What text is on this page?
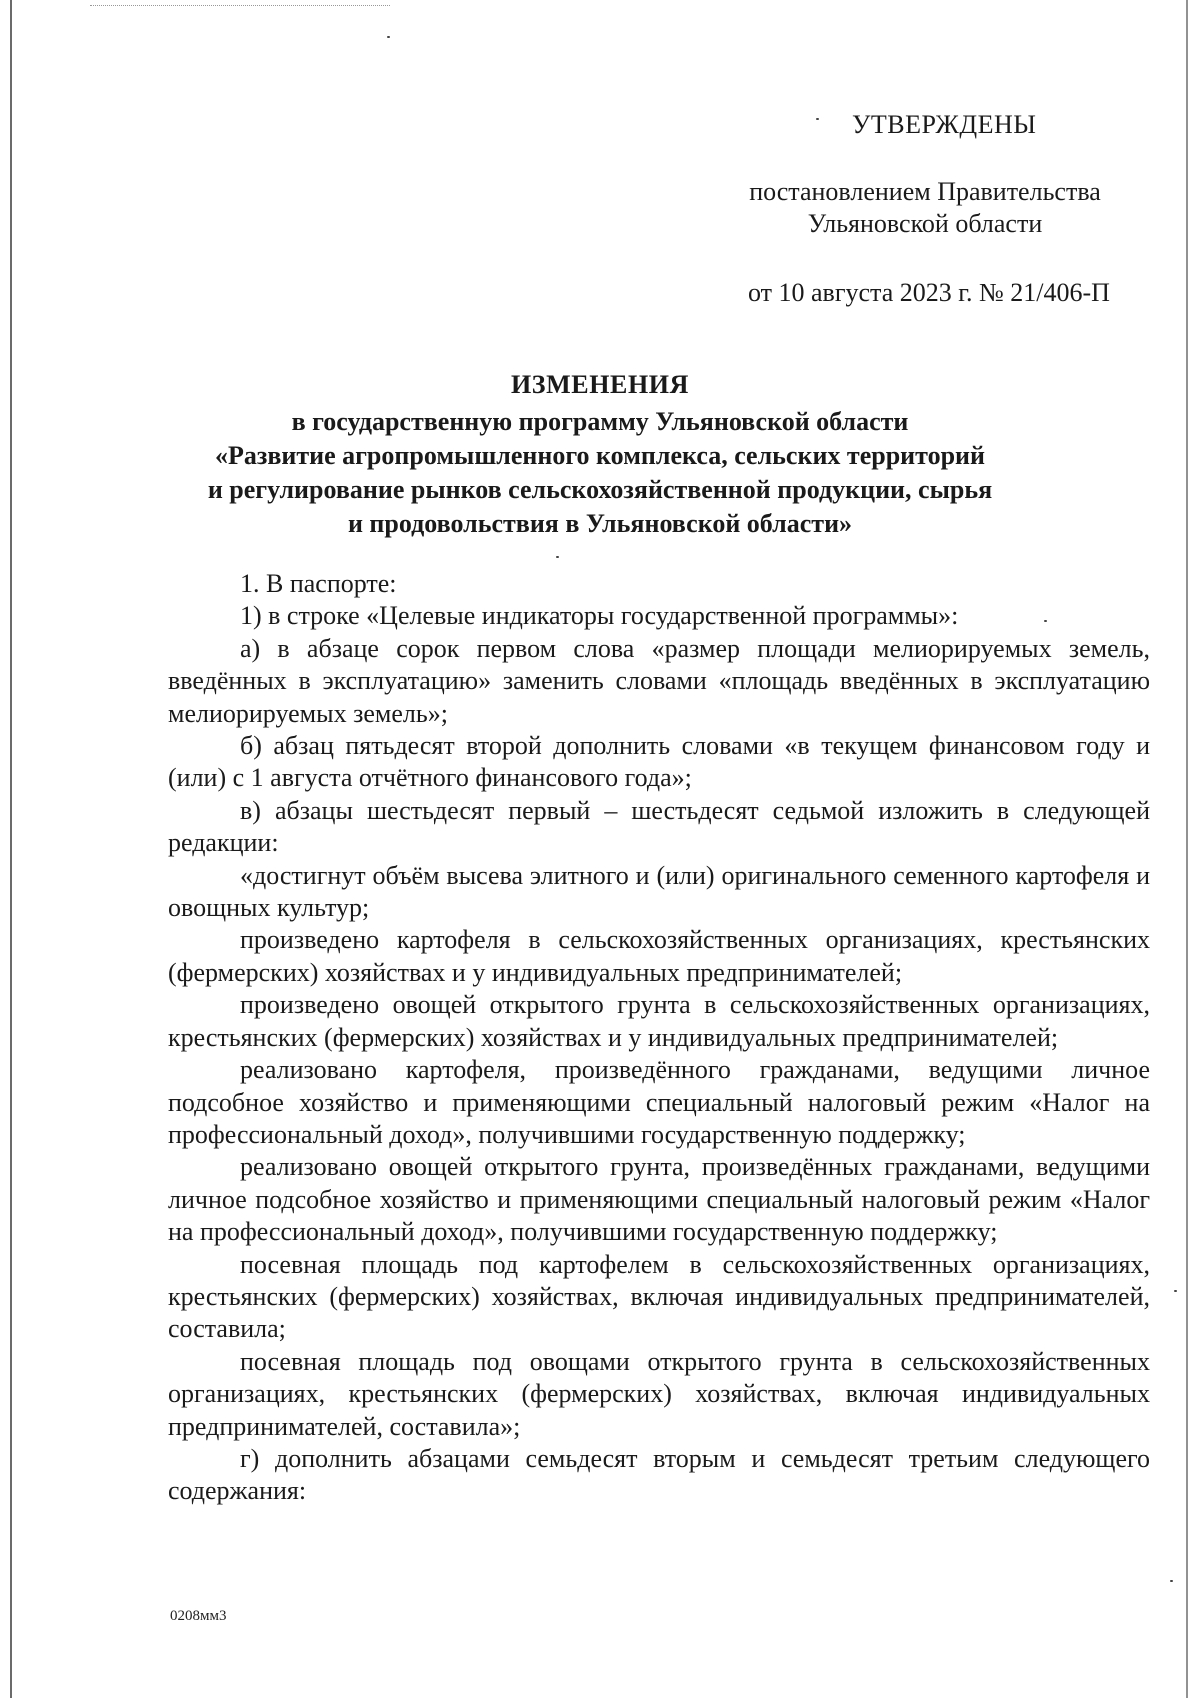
УТВЕРЖДЕНЫ
постановлением Правительства
Ульяновской области
от 10 августа 2023 г. № 21/406-П
ИЗМЕНЕНИЯ
в государственную программу Ульяновской области
«Развитие агропромышленного комплекса, сельских территорий
и регулирование рынков сельскохозяйственной продукции, сырья
и продовольствия в Ульяновской области»

1. В паспорте:

1) в строке «Целевые индикаторы государственной программы»:

а) в абзаце сорок первом слова «размер площади мелиорируемых земель, введённых в эксплуатацию» заменить словами «площадь введённых в эксплуатацию мелиорируемых земель»;

б) абзац пятьдесят второй дополнить словами «в текущем финансовом году и (или) с 1 августа отчётного финансового года»;

в) абзацы шестьдесят первый – шестьдесят седьмой изложить в следующей редакции:

«достигнут объём высева элитного и (или) оригинального семенного картофеля и овощных культур;

произведено картофеля в сельскохозяйственных организациях, крестьянских (фермерских) хозяйствах и у индивидуальных предпринимателей;

произведено овощей открытого грунта в сельскохозяйственных организациях, крестьянских (фермерских) хозяйствах и у индивидуальных предпринимателей;

реализовано картофеля, произведённого гражданами, ведущими личное подсобное хозяйство и применяющими специальный налоговый режим «Налог на профессиональный доход», получившими государственную поддержку;

реализовано овощей открытого грунта, произведённых гражданами, ведущими личное подсобное хозяйство и применяющими специальный налоговый режим «Налог на профессиональный доход», получившими государственную поддержку;

посевная площадь под картофелем в сельскохозяйственных организациях, крестьянских (фермерских) хозяйствах, включая индивидуальных предпринимателей, составила;

посевная площадь под овощами открытого грунта в сельскохозяйственных организациях, крестьянских (фермерских) хозяйствах, включая индивидуальных предпринимателей, составила»;

г) дополнить абзацами семьдесят вторым и семьдесят третьим следующего содержания:

0208мм3
